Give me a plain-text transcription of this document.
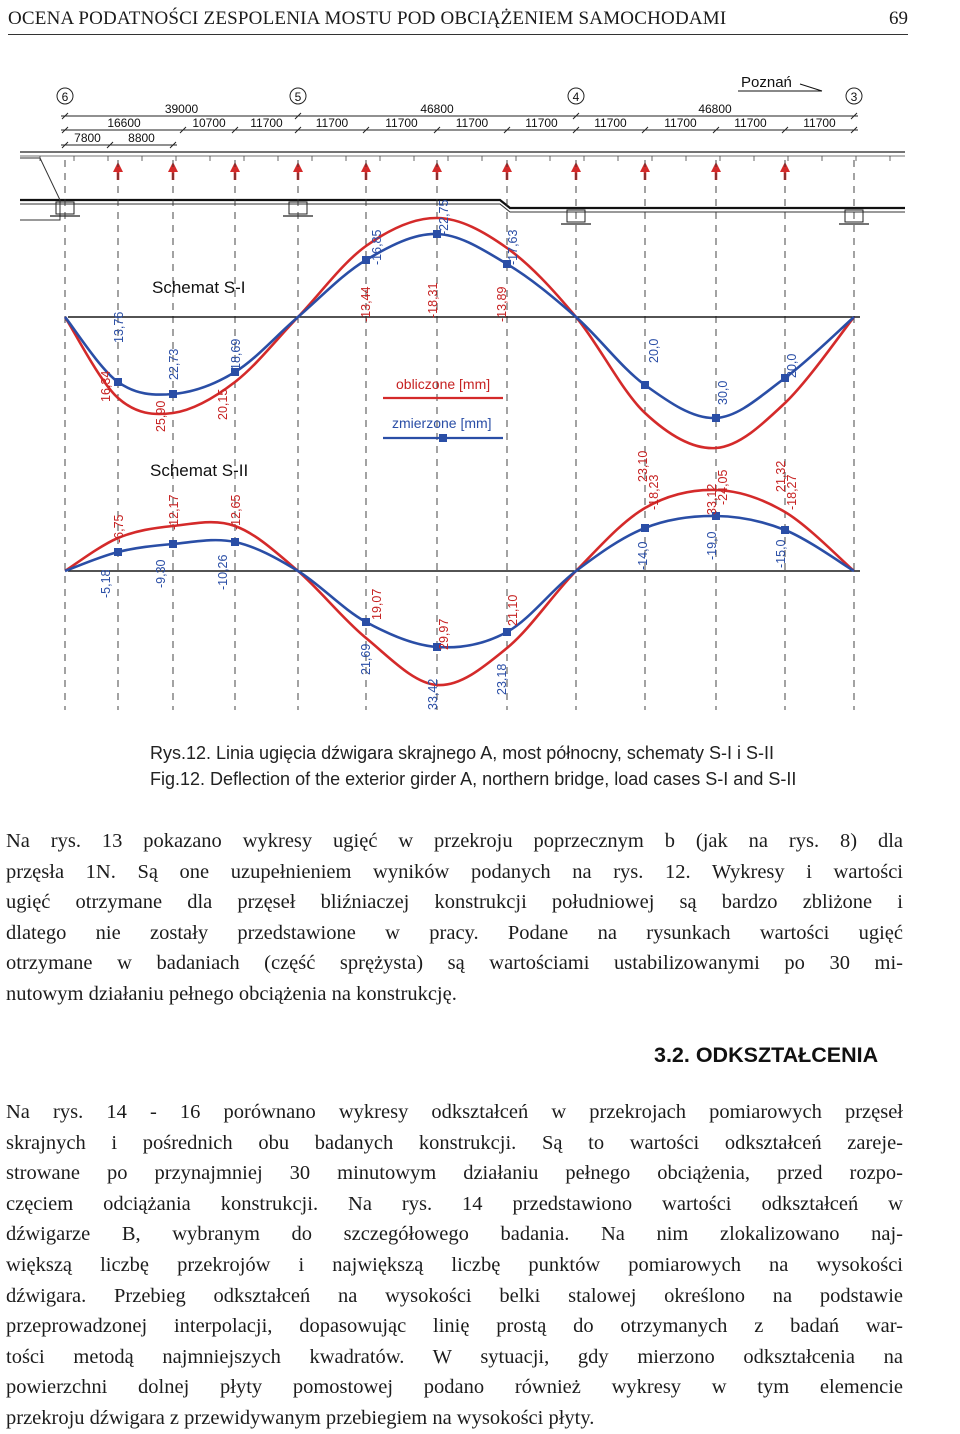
OCENA PODATNOŚCI ZESPOLENIA MOSTU POD OBCIĄŻENIEM SAMOCHODAMI	69
6	5	4	3
39000	46800	46800
16600	10700 11700	11700	11700	11700	11700	11700	11700	11700	11700
7800 8800
16,34
13,76
25,90
22,73
20,15
18,69
-13,44
-16,85
-18,31
-22,75
-13,89
-17,63
23,10
20,0
33,12
30,0
21,32
20,0
-5,18
-6,75
-9,30
-12,17
-10,26
-12,65
21,69
19,07
33,42
29,97
23,18
21,10
-14,0
-18,23
-19,0
-24,05
-15,0
-18,27
Schemat S-I
Schemat S-II
obliczone [mm]
zmierzone [mm]
Poznań
Rys.12. Linia ugięcia dźwigara skrajnego A, most północny, schematy S-I i S-II
Fig.12. Deflection of the exterior girder A, northern bridge, load cases S-I and S-II
Na rys. 13 pokazano wykresy ugięć w przekroju poprzecznym b (jak na rys. 8) dla
przęsła 1N. Są one uzupełnieniem wyników podanych na rys. 12. Wykresy i wartości
ugięć otrzymane dla przęseł bliźniaczej konstrukcji południowej są bardzo zbliżone i
dlatego nie zostały przedstawione w pracy. Podane na rysunkach wartości ugięć
otrzymane w badaniach (część sprężysta) są wartościami ustabilizowanymi po 30 mi-
nutowym działaniu pełnego obciążenia na konstrukcję.
3.2. ODKSZTAŁCENIA
Na rys. 14 - 16 porównano wykresy odkształceń w przekrojach pomiarowych przęseł
skrajnych i pośrednich obu badanych konstrukcji. Są to wartości odkształceń zareje-
strowane po przynajmniej 30 minutowym działaniu pełnego obciążenia, przed rozpo-
częciem odciążania konstrukcji. Na rys. 14 przedstawiono wartości odkształceń w
dźwigarze B, wybranym do szczegółowego badania. Na nim zlokalizowano naj-
większą liczbę przekrojów i największą liczbę punktów pomiarowych na wysokości
dźwigara. Przebieg odkształceń na wysokości belki stalowej określono na podstawie
przeprowadzonej interpolacji, dopasowując linię prostą do otrzymanych z badań war-
tości metodą najmniejszych kwadratów. W sytuacji, gdy mierzono odkształcenia na
powierzchni dolnej płyty pomostowej podano również wykresy w tym elemencie
przekroju dźwigara z przewidywanym przebiegiem na wysokości płyty.
